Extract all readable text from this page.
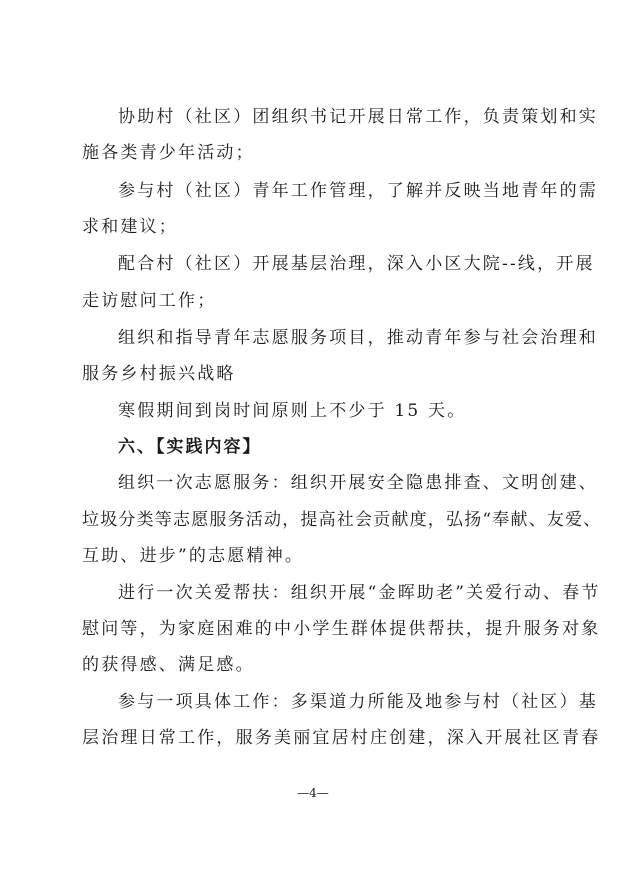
协助村（社区）团组织书记开展日常工作，负责策划和实
施各类青少年活动；
参与村（社区）青年工作管理，了解并反映当地青年的需
求和建议；
配合村（社区）开展基层治理，深入小区大院--线，开展
走访慰问工作；
组织和指导青年志愿服务项目，推动青年参与社会治理和
服务乡村振兴战略
寒假期间到岗时间原则上不少于 15 天。
六、【实践内容】
组织一次志愿服务：组织开展安全隐患排查、文明创建、
垃圾分类等志愿服务活动，提高社会贡献度，弘扬“奉献、友爱、
互助、进步”的志愿精神。
进行一次关爱帮扶：组织开展“金晖助老”关爱行动、春节
慰问等，为家庭困难的中小学生群体提供帮扶，提升服务对象
的获得感、满足感。
参与一项具体工作：多渠道力所能及地参与村（社区）基
层治理日常工作，服务美丽宜居村庄创建，深入开展社区青春
—4—
